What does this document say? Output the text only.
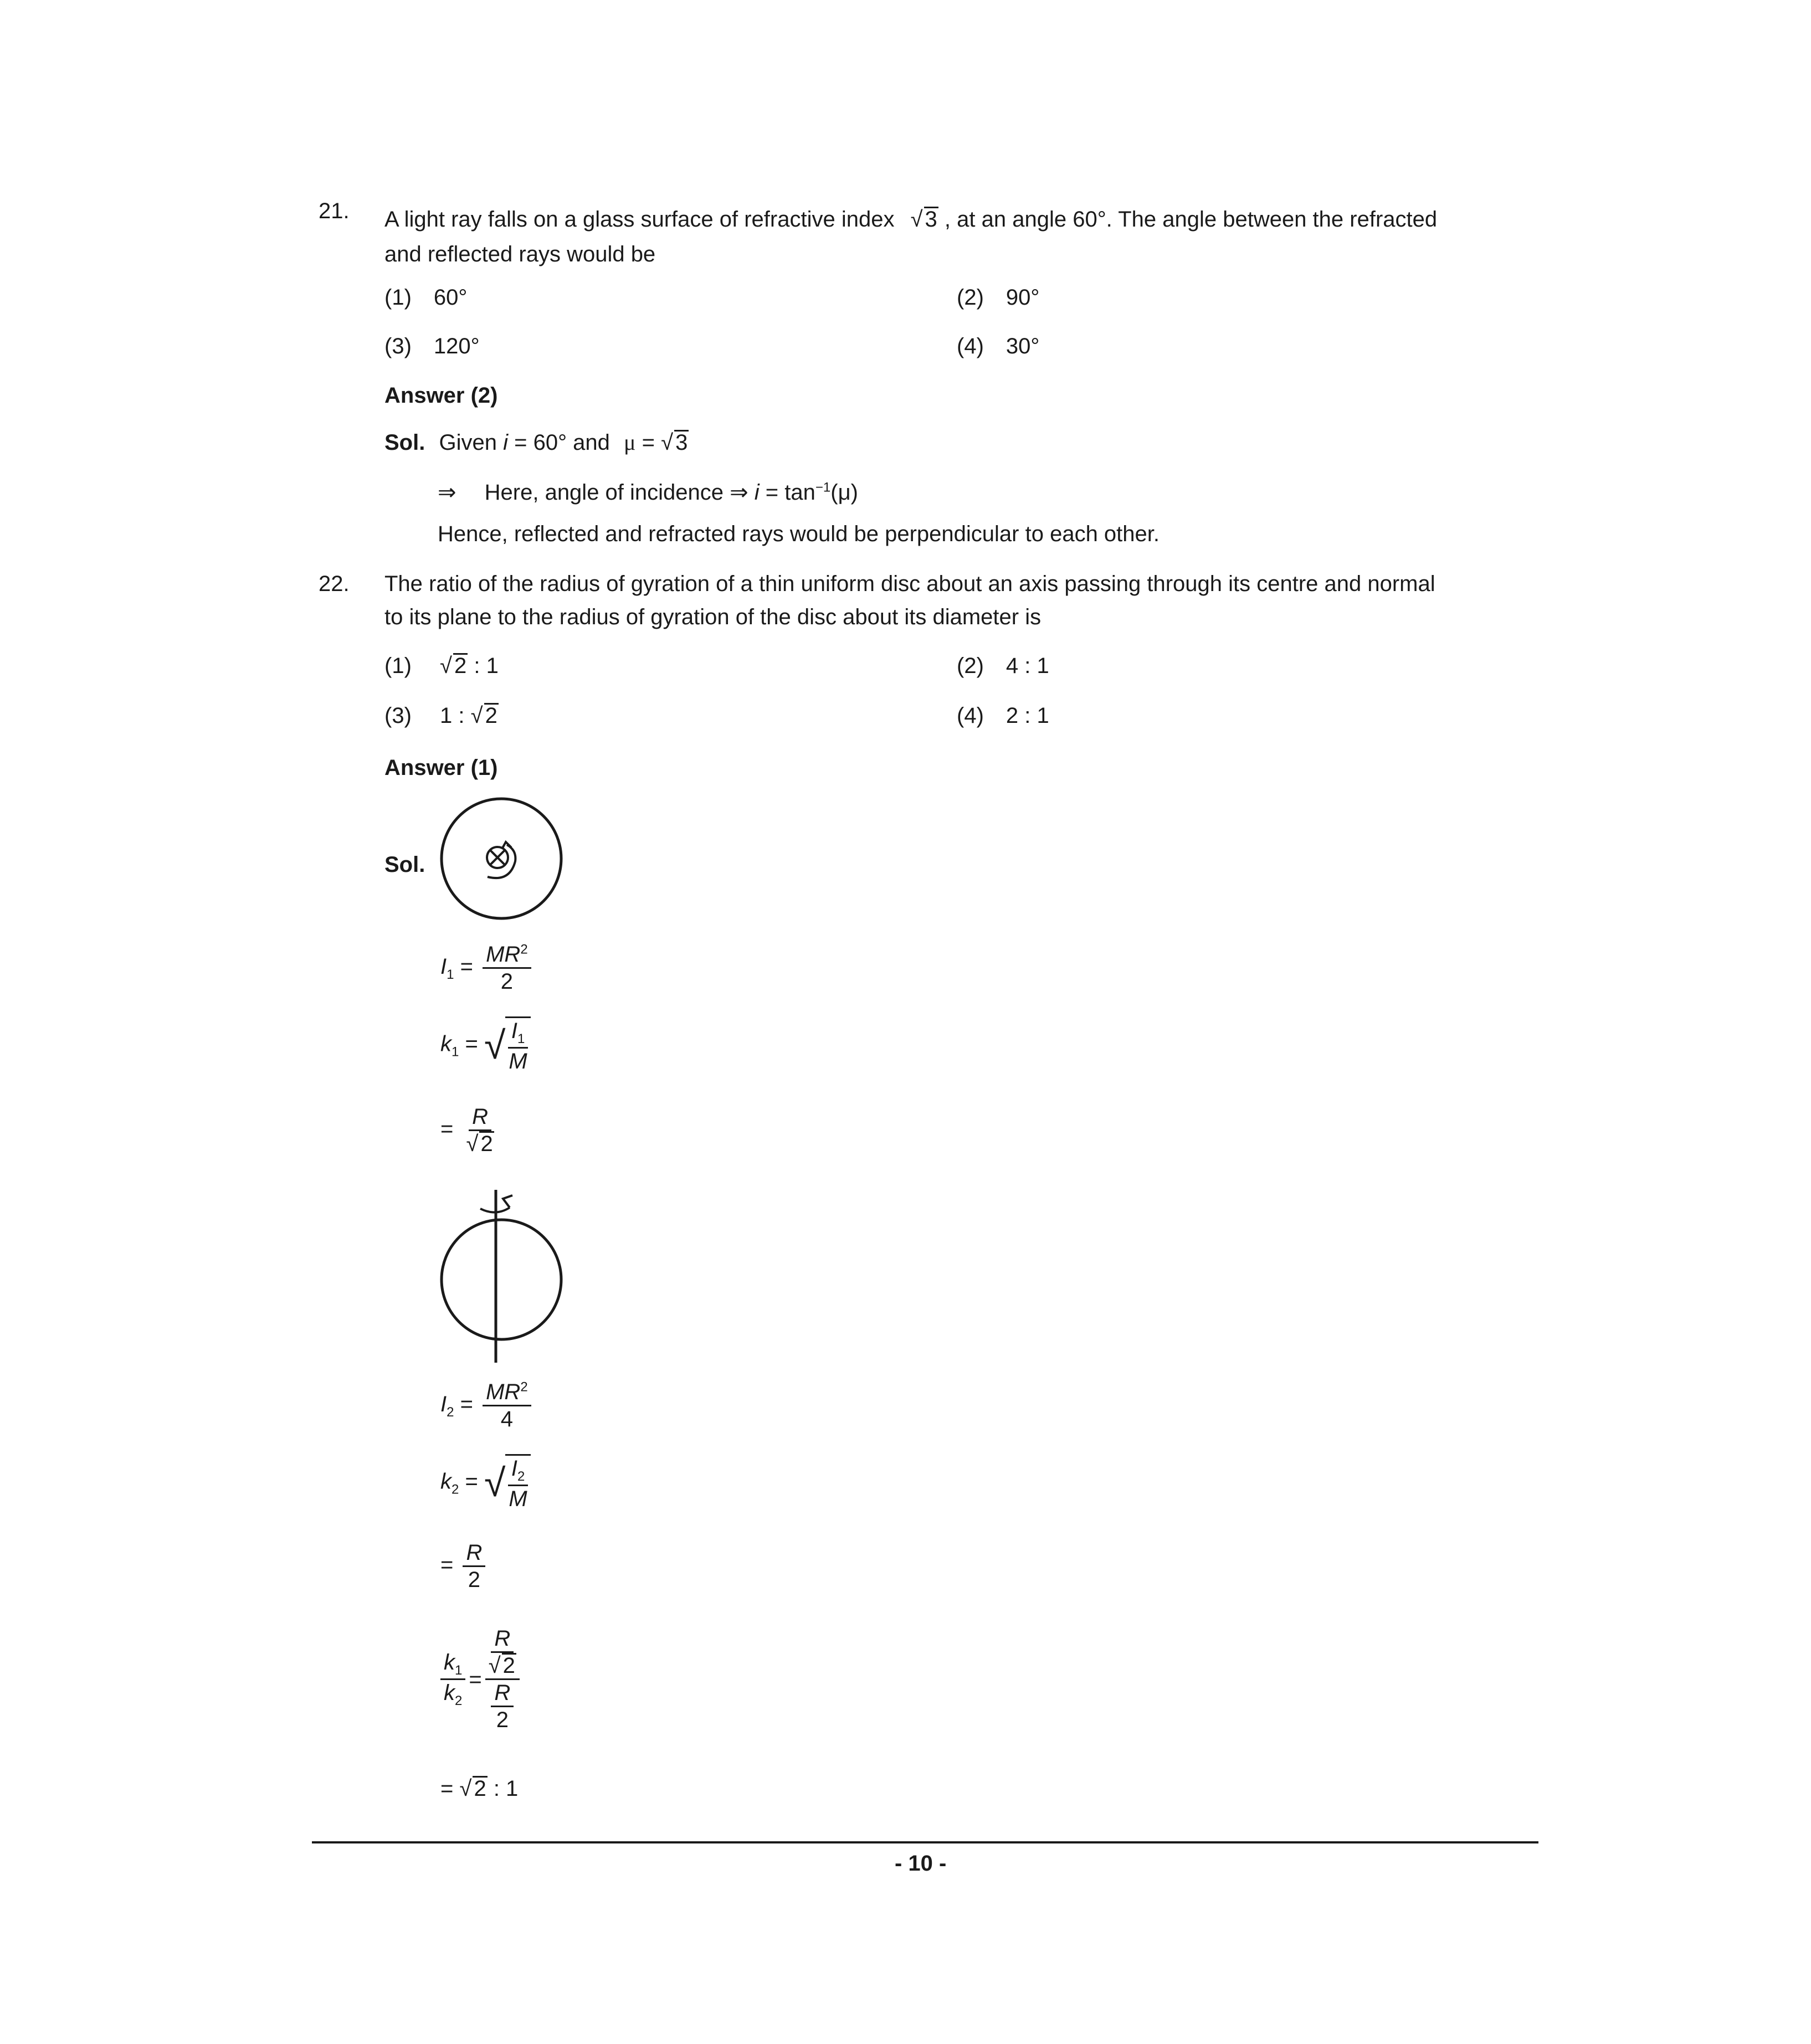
21. A light ray falls on a glass surface of refractive index √ 3 , at an angle 60°. The angle between the refracted
and reflected rays would be
(1) 60°	(2) 90°
(3) 120°	(4) 30°
Answer (2)
Sol. Given i = 60° and μ = √ 3
⇒ Here, angle of incidence ⇒ $i = \tan^{-1}(\mu)$
Hence, reflected and refracted rays would be perpendicular to each other.
22. The ratio of the radius of gyration of a thin uniform disc about an axis passing through its centre and normal
to its plane to the radius of gyration of the disc about its diameter is
(1) √ 2 : 1	(2) 4 : 1
(3) 1 : √ 2	(4) 2 : 1
Answer (1)
Sol.
$I_1 = \frac{MR^2}{2}$
$k_1$ = √ $\frac{I_1}{M}$
= $\frac{R}{√ 2}$
$I_2 = \frac{MR^2}{4}$
$k_2$ = √ $\frac{I_2}{M}$
= $\frac{R}{2}$
$\frac{k_1}{k_2}$ =
R
√ 2
R
2
= √ 2 : 1
- 10 -
